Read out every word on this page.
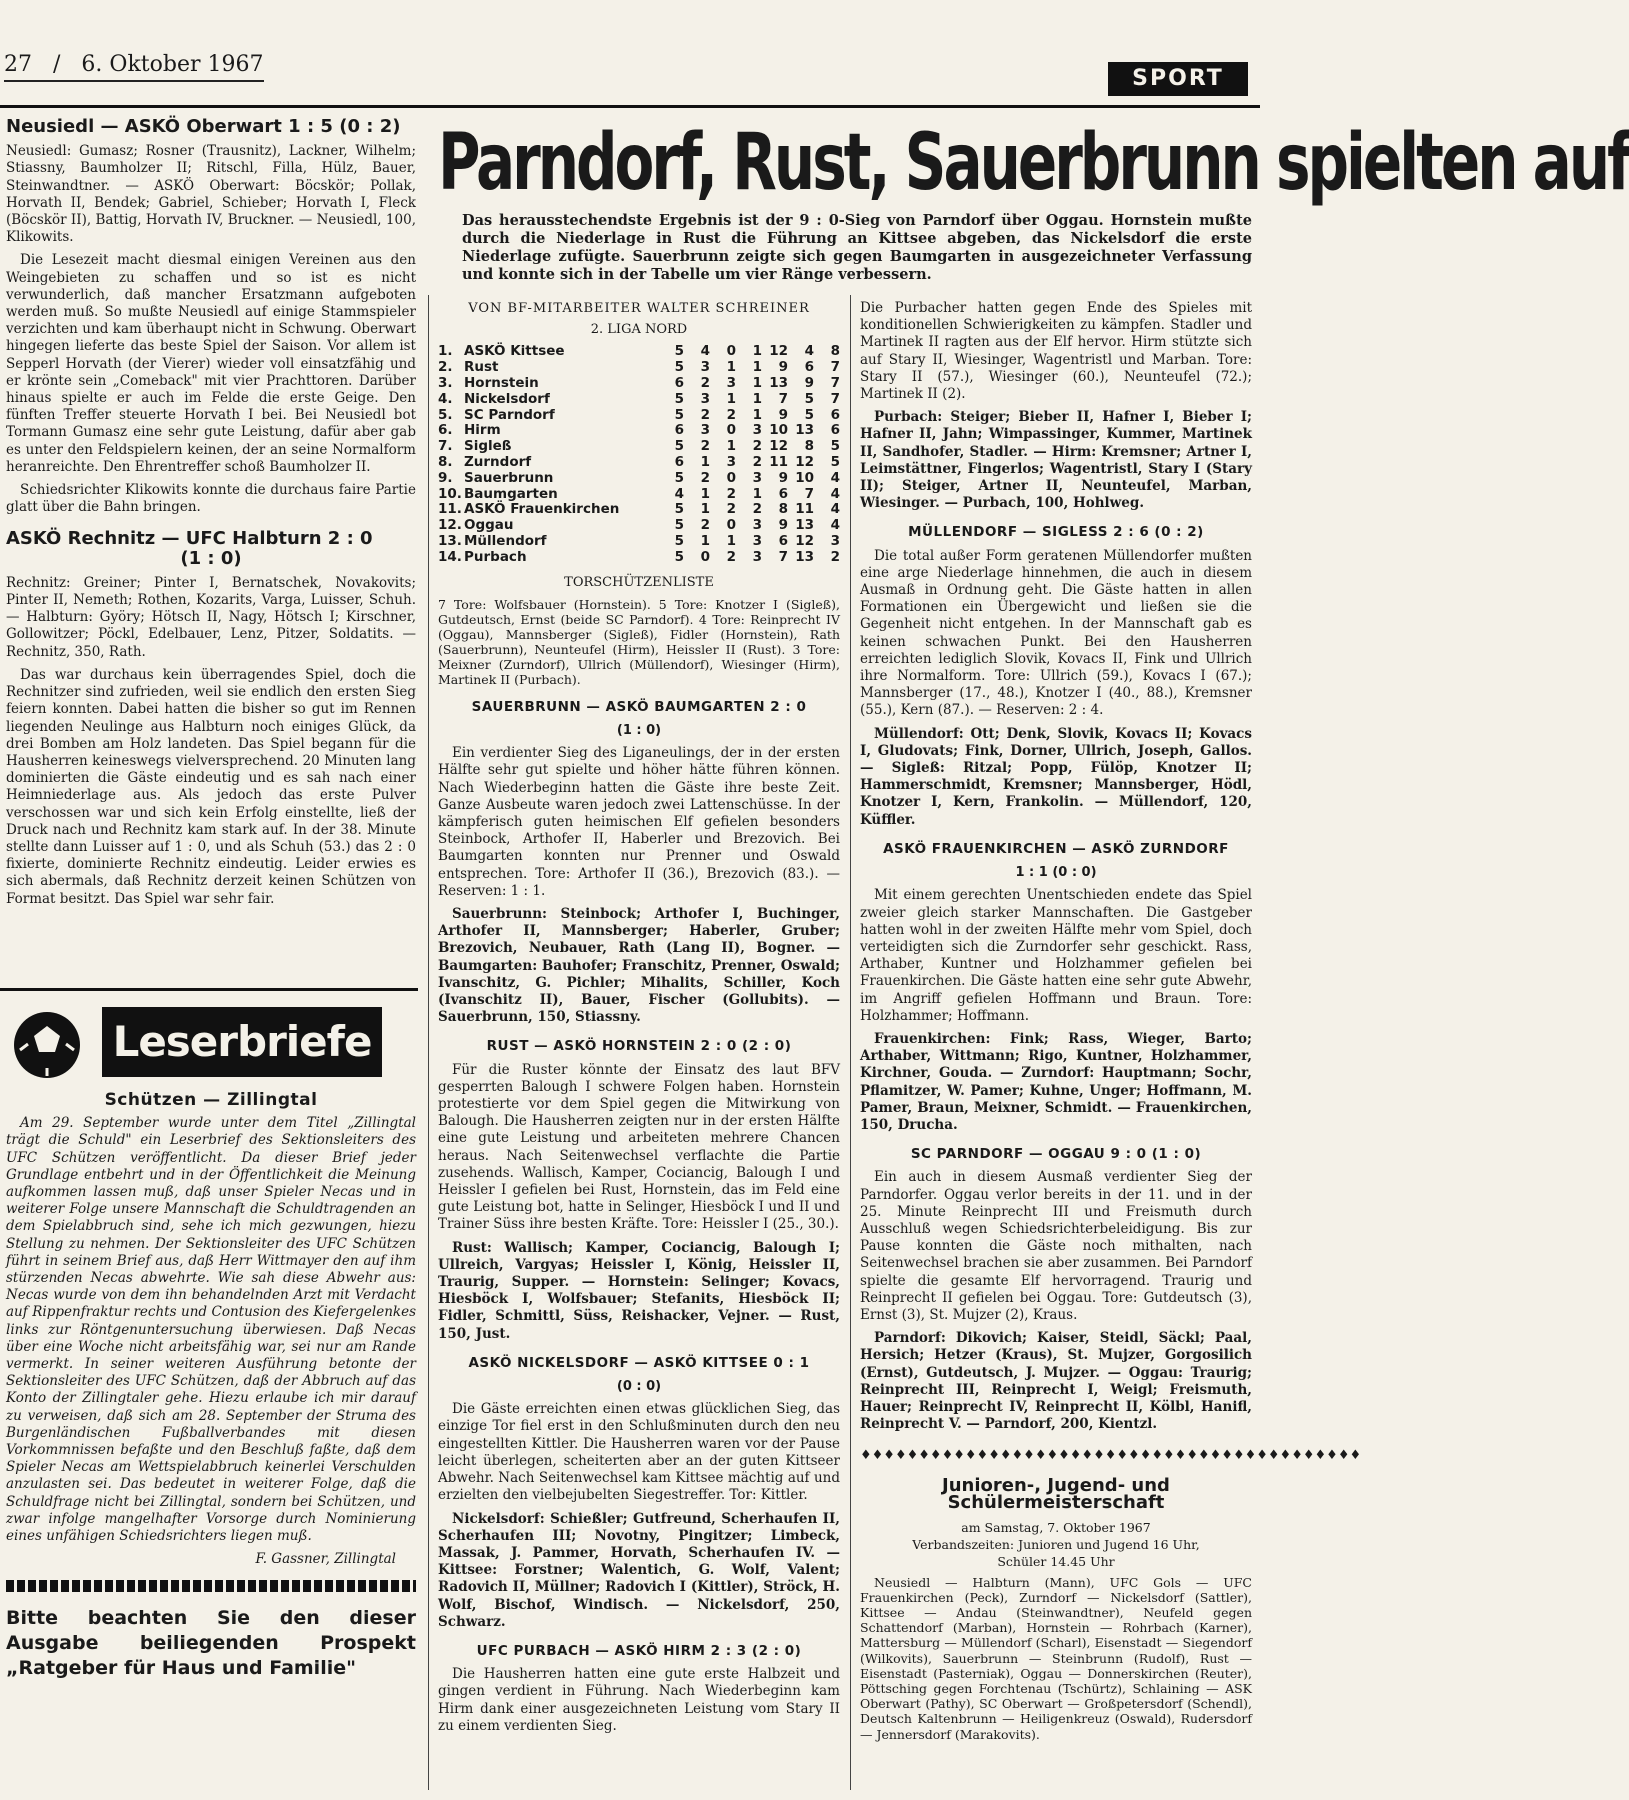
27 / 6. Oktober 1967
SPORT
Parndorf, Rust, Sauerbrunn spielten auf
Das herausstechendste Ergebnis ist der 9 : 0-Sieg von Parndorf über Oggau. Hornstein mußte durch die Niederlage in Rust die Führung an Kittsee abgeben, das Nickelsdorf die erste Niederlage zufügte. Sauerbrunn zeigte sich gegen Baumgarten in ausgezeichneter Verfassung und konnte sich in der Tabelle um vier Ränge verbessern.
Neusiedl — ASKÖ Oberwart 1 : 5 (0 : 2)

Neusiedl: Gumasz; Rosner (Trausnitz), Lackner, Wilhelm; Stiassny, Baumholzer II; Ritschl, Filla, Hülz, Bauer, Steinwandtner. — ASKÖ Oberwart: Böcskör; Pollak, Horvath II, Bendek; Gabriel, Schieber; Horvath I, Fleck (Böcskör II), Battig, Horvath IV, Bruckner. — Neusiedl, 100, Klikowits.

Die Lesezeit macht diesmal einigen Vereinen aus den Weingebieten zu schaffen und so ist es nicht verwunderlich, daß mancher Ersatzmann aufgeboten werden muß. So mußte Neusiedl auf einige Stammspieler verzichten und kam überhaupt nicht in Schwung. Oberwart hingegen lieferte das beste Spiel der Saison. Vor allem ist Sepperl Horvath (der Vierer) wieder voll einsatzfähig und er krönte sein „Comeback" mit vier Prachttoren. Darüber hinaus spielte er auch im Felde die erste Geige. Den fünften Treffer steuerte Horvath I bei. Bei Neusiedl bot Tormann Gumasz eine sehr gute Leistung, dafür aber gab es unter den Feldspielern keinen, der an seine Normalform heranreichte. Den Ehrentreffer schoß Baumholzer II.

Schiedsrichter Klikowits konnte die durchaus faire Partie glatt über die Bahn bringen.

ASKÖ Rechnitz — UFC Halbturn 2 : 0
(1 : 0)

Rechnitz: Greiner; Pinter I, Bernatschek, Novakovits; Pinter II, Nemeth; Rothen, Kozarits, Varga, Luisser, Schuh. — Halbturn: Györy; Hötsch II, Nagy, Hötsch I; Kirschner, Gollowitzer; Pöckl, Edelbauer, Lenz, Pitzer, Soldatits. — Rechnitz, 350, Rath.

Das war durchaus kein überragendes Spiel, doch die Rechnitzer sind zufrieden, weil sie endlich den ersten Sieg feiern konnten. Dabei hatten die bisher so gut im Rennen liegenden Neulinge aus Halbturn noch einiges Glück, da drei Bomben am Holz landeten. Das Spiel begann für die Hausherren keineswegs vielversprechend. 20 Minuten lang dominierten die Gäste eindeutig und es sah nach einer Heimniederlage aus. Als jedoch das erste Pulver verschossen war und sich kein Erfolg einstellte, ließ der Druck nach und Rechnitz kam stark auf. In der 38. Minute stellte dann Luisser auf 1 : 0, und als Schuh (53.) das 2 : 0 fixierte, dominierte Rechnitz eindeutig. Leider erwies es sich abermals, daß Rechnitz derzeit keinen Schützen von Format besitzt. Das Spiel war sehr fair.

Leserbriefe
Schützen — Zillingtal

Am 29. September wurde unter dem Titel „Zillingtal trägt die Schuld" ein Leserbrief des Sektionsleiters des UFC Schützen veröffentlicht. Da dieser Brief jeder Grundlage entbehrt und in der Öffentlichkeit die Meinung aufkommen lassen muß, daß unser Spieler Necas und in weiterer Folge unsere Mannschaft die Schuldtragenden an dem Spielabbruch sind, sehe ich mich gezwungen, hiezu Stellung zu nehmen. Der Sektionsleiter des UFC Schützen führt in seinem Brief aus, daß Herr Wittmayer den auf ihm stürzenden Necas abwehrte. Wie sah diese Abwehr aus: Necas wurde von dem ihn behandelnden Arzt mit Verdacht auf Rippenfraktur rechts und Contusion des Kiefergelenkes links zur Röntgenuntersuchung überwiesen. Daß Necas über eine Woche nicht arbeitsfähig war, sei nur am Rande vermerkt. In seiner weiteren Ausführung betonte der Sektionsleiter des UFC Schützen, daß der Abbruch auf das Konto der Zillingtaler gehe. Hiezu erlaube ich mir darauf zu verweisen, daß sich am 28. September der Struma des Burgenländischen Fußballverbandes mit diesen Vorkommnissen befaßte und den Beschluß faßte, daß dem Spieler Necas am Wettspielabbruch keinerlei Verschulden anzulasten sei. Das bedeutet in weiterer Folge, daß die Schuldfrage nicht bei Zillingtal, sondern bei Schützen, und zwar infolge mangelhafter Vorsorge durch Nominierung eines unfähigen Schiedsrichters liegen muß.

F. Gassner, Zillingtal

Bitte beachten Sie den dieser Ausgabe beiliegenden Prospekt „Ratgeber für Haus und Familie"
VON BF-MITARBEITER WALTER SCHREINER
2. LIGA NORD
1.	ASKÖ Kittsee	5	4	0	1	12	4	8
2.	Rust	5	3	1	1	9	6	7
3.	Hornstein	6	2	3	1	13	9	7
4.	Nickelsdorf	5	3	1	1	7	5	7
5.	SC Parndorf	5	2	2	1	9	5	6
6.	Hirm	6	3	0	3	10	13	6
7.	Sigleß	5	2	1	2	12	8	5
8.	Zurndorf	6	1	3	2	11	12	5
9.	Sauerbrunn	5	2	0	3	9	10	4
10.	Baumgarten	4	1	2	1	6	7	4
11.	ASKÖ Frauenkirchen	5	1	2	2	8	11	4
12.	Oggau	5	2	0	3	9	13	4
13.	Müllendorf	5	1	1	3	6	12	3
14.	Purbach	5	0	2	3	7	13	2
TORSCHÜTZENLISTE

7 Tore: Wolfsbauer (Hornstein). 5 Tore: Knotzer I (Sigleß), Gutdeutsch, Ernst (beide SC Parndorf). 4 Tore: Reinprecht IV (Oggau), Mannsberger (Sigleß), Fidler (Hornstein), Rath (Sauerbrunn), Neunteufel (Hirm), Heissler II (Rust). 3 Tore: Meixner (Zurndorf), Ullrich (Müllendorf), Wiesinger (Hirm), Martinek II (Purbach).

SAUERBRUNN — ASKÖ BAUMGARTEN 2 : 0
(1 : 0)

Ein verdienter Sieg des Liganeulings, der in der ersten Hälfte sehr gut spielte und höher hätte führen können. Nach Wiederbeginn hatten die Gäste ihre beste Zeit. Ganze Ausbeute waren jedoch zwei Lattenschüsse. In der kämpferisch guten heimischen Elf gefielen besonders Steinbock, Arthofer II, Haberler und Brezovich. Bei Baumgarten konnten nur Prenner und Oswald entsprechen. Tore: Arthofer II (36.), Brezovich (83.). — Reserven: 1 : 1.

Sauerbrunn: Steinbock; Arthofer I, Buchinger, Arthofer II, Mannsberger; Haberler, Gruber; Brezovich, Neubauer, Rath (Lang II), Bogner. — Baumgarten: Bauhofer; Franschitz, Prenner, Oswald; Ivanschitz, G. Pichler; Mihalits, Schiller, Koch (Ivanschitz II), Bauer, Fischer (Gollubits). — Sauerbrunn, 150, Stiassny.

RUST — ASKÖ HORNSTEIN 2 : 0 (2 : 0)

Für die Ruster könnte der Einsatz des laut BFV gesperrten Balough I schwere Folgen haben. Hornstein protestierte vor dem Spiel gegen die Mitwirkung von Balough. Die Hausherren zeigten nur in der ersten Hälfte eine gute Leistung und arbeiteten mehrere Chancen heraus. Nach Seitenwechsel verflachte die Partie zusehends. Wallisch, Kamper, Cociancig, Balough I und Heissler I gefielen bei Rust, Hornstein, das im Feld eine gute Leistung bot, hatte in Selinger, Hiesböck I und II und Trainer Süss ihre besten Kräfte. Tore: Heissler I (25., 30.).

Rust: Wallisch; Kamper, Cociancig, Balough I; Ullreich, Vargyas; Heissler I, König, Heissler II, Traurig, Supper. — Hornstein: Selinger; Kovacs, Hiesböck I, Wolfsbauer; Stefanits, Hiesböck II; Fidler, Schmittl, Süss, Reishacker, Vejner. — Rust, 150, Just.

ASKÖ NICKELSDORF — ASKÖ KITTSEE 0 : 1
(0 : 0)

Die Gäste erreichten einen etwas glücklichen Sieg, das einzige Tor fiel erst in den Schlußminuten durch den neu eingestellten Kittler. Die Hausherren waren vor der Pause leicht überlegen, scheiterten aber an der guten Kittseer Abwehr. Nach Seitenwechsel kam Kittsee mächtig auf und erzielten den vielbejubelten Siegestreffer. Tor: Kittler.

Nickelsdorf: Schießler; Gutfreund, Scherhaufen II, Scherhaufen III; Novotny, Pingitzer; Limbeck, Massak, J. Pammer, Horvath, Scherhaufen IV. — Kittsee: Forstner; Walentich, G. Wolf, Valent; Radovich II, Müllner; Radovich I (Kittler), Ströck, H. Wolf, Bischof, Windisch. — Nickelsdorf, 250, Schwarz.

UFC PURBACH — ASKÖ HIRM 2 : 3 (2 : 0)

Die Hausherren hatten eine gute erste Halbzeit und gingen verdient in Führung. Nach Wiederbeginn kam Hirm dank einer ausgezeichneten Leistung vom Stary II zu einem verdienten Sieg.

Die Purbacher hatten gegen Ende des Spieles mit konditionellen Schwierigkeiten zu kämpfen. Stadler und Martinek II ragten aus der Elf hervor. Hirm stützte sich auf Stary II, Wiesinger, Wagentristl und Marban. Tore: Stary II (57.), Wiesinger (60.), Neunteufel (72.); Martinek II (2).

Purbach: Steiger; Bieber II, Hafner I, Bieber I; Hafner II, Jahn; Wimpassinger, Kummer, Martinek II, Sandhofer, Stadler. — Hirm: Kremsner; Artner I, Leimstättner, Fingerlos; Wagentristl, Stary I (Stary II); Steiger, Artner II, Neunteufel, Marban, Wiesinger. — Purbach, 100, Hohlweg.

MÜLLENDORF — SIGLESS 2 : 6 (0 : 2)

Die total außer Form geratenen Müllendorfer mußten eine arge Niederlage hinnehmen, die auch in diesem Ausmaß in Ordnung geht. Die Gäste hatten in allen Formationen ein Übergewicht und ließen sie die Gegenheit nicht entgehen. In der Mannschaft gab es keinen schwachen Punkt. Bei den Hausherren erreichten lediglich Slovik, Kovacs II, Fink und Ullrich ihre Normalform. Tore: Ullrich (59.), Kovacs I (67.); Mannsberger (17., 48.), Knotzer I (40., 88.), Kremsner (55.), Kern (87.). — Reserven: 2 : 4.

Müllendorf: Ott; Denk, Slovik, Kovacs II; Kovacs I, Gludovats; Fink, Dorner, Ullrich, Joseph, Gallos. — Sigleß: Ritzal; Popp, Fülöp, Knotzer II; Hammerschmidt, Kremsner; Mannsberger, Hödl, Knotzer I, Kern, Frankolin. — Müllendorf, 120, Küffler.

ASKÖ FRAUENKIRCHEN — ASKÖ ZURNDORF
1 : 1 (0 : 0)

Mit einem gerechten Unentschieden endete das Spiel zweier gleich starker Mannschaften. Die Gastgeber hatten wohl in der zweiten Hälfte mehr vom Spiel, doch verteidigten sich die Zurndorfer sehr geschickt. Rass, Arthaber, Kuntner und Holzhammer gefielen bei Frauenkirchen. Die Gäste hatten eine sehr gute Abwehr, im Angriff gefielen Hoffmann und Braun. Tore: Holzhammer; Hoffmann.

Frauenkirchen: Fink; Rass, Wieger, Barto; Arthaber, Wittmann; Rigo, Kuntner, Holzhammer, Kirchner, Gouda. — Zurndorf: Hauptmann; Sochr, Pflamitzer, W. Pamer; Kuhne, Unger; Hoffmann, M. Pamer, Braun, Meixner, Schmidt. — Frauenkirchen, 150, Drucha.

SC PARNDORF — OGGAU 9 : 0 (1 : 0)

Ein auch in diesem Ausmaß verdienter Sieg der Parndorfer. Oggau verlor bereits in der 11. und in der 25. Minute Reinprecht III und Freismuth durch Ausschluß wegen Schiedsrichterbeleidigung. Bis zur Pause konnten die Gäste noch mithalten, nach Seitenwechsel brachen sie aber zusammen. Bei Parndorf spielte die gesamte Elf hervorragend. Traurig und Reinprecht II gefielen bei Oggau. Tore: Gutdeutsch (3), Ernst (3), St. Mujzer (2), Kraus.

Parndorf: Dikovich; Kaiser, Steidl, Säckl; Paal, Hersich; Hetzer (Kraus), St. Mujzer, Gorgosilich (Ernst), Gutdeutsch, J. Mujzer. — Oggau: Traurig; Reinprecht III, Reinprecht I, Weigl; Freismuth, Hauer; Reinprecht IV, Reinprecht II, Kölbl, Hanifl, Reinprecht V. — Parndorf, 200, Kientzl.

♦♦♦♦♦♦♦♦♦♦♦♦♦♦♦♦♦♦♦♦♦♦♦♦♦♦♦♦♦♦♦♦♦♦♦♦♦♦♦♦♦♦♦
Junioren-, Jugend- und Schülermeisterschaft
am Samstag, 7. Oktober 1967
Verbandszeiten: Junioren und Jugend 16 Uhr, Schüler 14.45 Uhr

Neusiedl — Halbturn (Mann), UFC Gols — UFC Frauenkirchen (Peck), Zurndorf — Nickelsdorf (Sattler), Kittsee — Andau (Steinwandtner), Neufeld gegen Schattendorf (Marban), Hornstein — Rohrbach (Karner), Mattersburg — Müllendorf (Scharl), Eisenstadt — Siegendorf (Wilkovits), Sauerbrunn — Steinbrunn (Rudolf), Rust — Eisenstadt (Pasterniak), Oggau — Donnerskirchen (Reuter), Pöttsching gegen Forchtenau (Tschürtz), Schlaining — ASK Oberwart (Pathy), SC Oberwart — Großpetersdorf (Schendl), Deutsch Kaltenbrunn — Heiligenkreuz (Oswald), Rudersdorf — Jennersdorf (Marakovits).
